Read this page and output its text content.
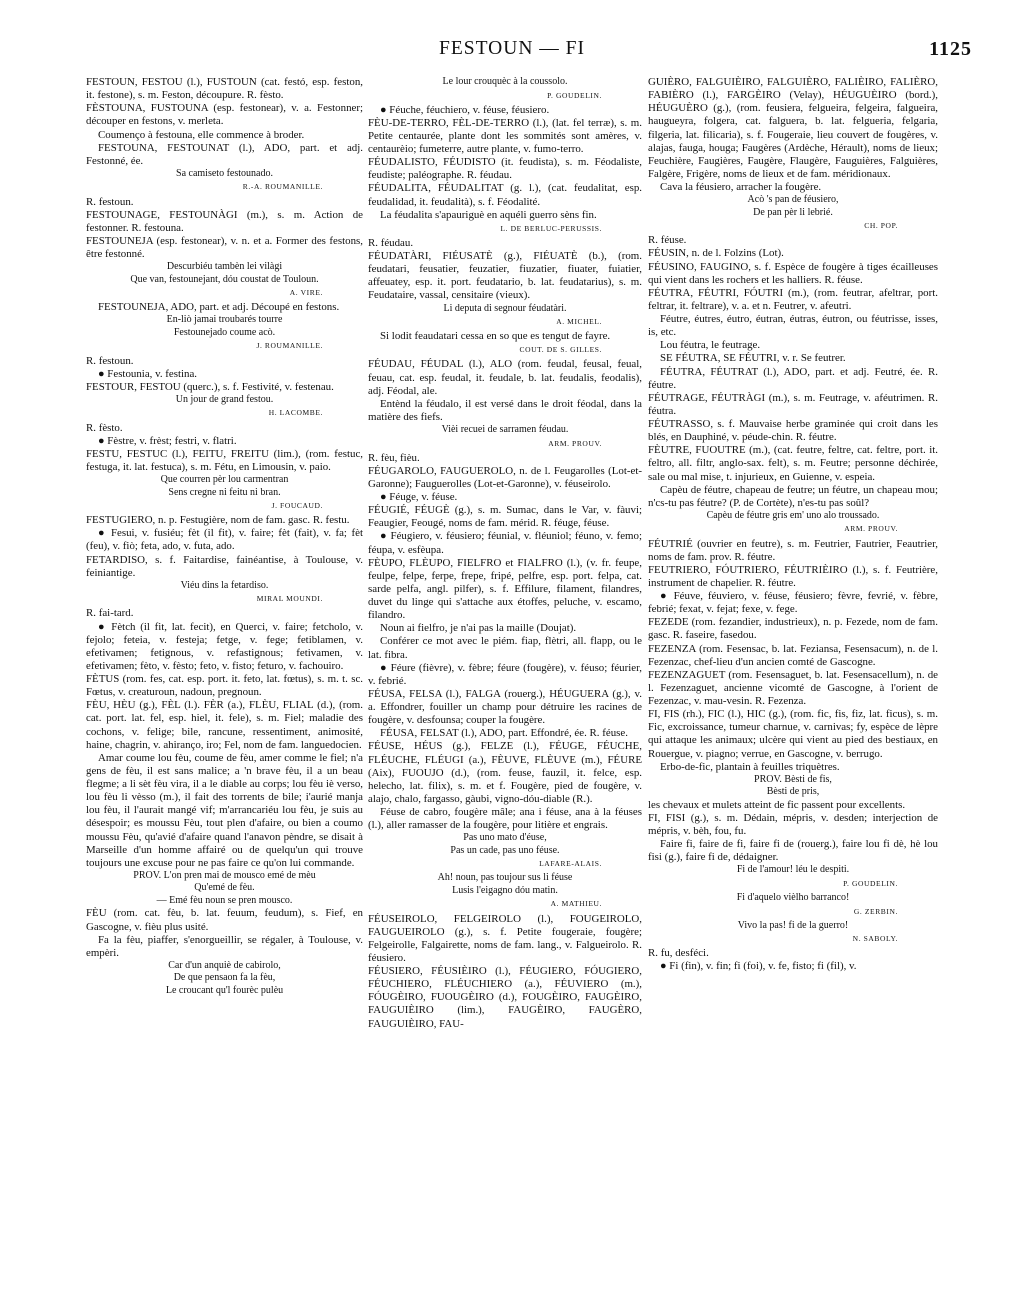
FESTOUN — FI	1125
FESTOUN, FESTOU (l.), FUSTOUN (cat. festó, esp. feston, it. festone), s. m. Feston, découpure. R. fèsto.
FÈSTOUNA, FUSTOUNA (esp. festonear), v. a. Festonner; découper en festons, v. merleta.
Coumenço à festouna, elle commence à broder.
FESTOUNA, FESTOUNAT (l.), ADO, part. et adj. Festonné, ée.
Sa camiseto festounado.
R.-A. ROUMANILLE.
R. festoun.
FESTOUNAGE, FESTOUNÀGI (m.), s. m. Action de festonner. R. festouna.
FESTOUNEJA (esp. festonear), v. n. et a. Former des festons, être festonné.
Descurbiéu tambèn lei vilàgi
Que van, festounejant, dóu coustat de Touloun.
A. VIRE.
FESTOUNEJA, ADO, part. et adj. Découpé en festons.
En-liò jamai troubarés tourre
Festounejado coume acò.
J. ROUMANILLE.
R. festoun.
● Festounia, v. festina.
FESTOUR, FESTOU (querc.), s. f. Festivité, v. festenau.
Un jour de grand festou.
H. LACOMBE.
R. fèsto.
● Fèstre, v. frèst; festri, v. flatri.
FESTU, FESTUC (l.), FEITU, FREITU (lim.), (rom. festuc, festuga, it. lat. festuca), s. m. Fétu, en Limousin, v. paio.
Que courren pèr lou carmentran
Sens cregne ni feitu ni bran.
J. FOUCAUD.
FESTUGIERO, n. p. Festugière, nom de fam. gasc. R. festu.
● Fesui, v. fusiéu; fèt (il fit), v. faire; fèt (fait), v. fa; fèt (feu), v. fiò; feta, ado, v. futa, ado.
FETARDISO, s. f. Faitardise, fainéantise, à Toulouse, v. feiniantige.
Viéu dins la fetardiso.
MIRAL MOUNDI.
R. fai-tard.
● Fètch (il fit, lat. fecit), en Querci, v. faire; fetcholo, v. fejolo; feteia, v. festeja; fetge, v. fege; fetiblamen, v. efetivamen; fetignous, v. refastignous; fetivamen, v. efetivamen; fèto, v. fèsto; feto, v. fisto; feturo, v. fachouiro.
FÈTUS (rom. fes, cat. esp. port. it. feto, lat. fœtus), s. m. t. sc. Fœtus, v. creaturoun, nadoun, pregnoun.
FÈU, HÈU (g.), FÈL (l.). FÈR (a.), FLÈU, FLIAL (d.), (rom. cat. port. lat. fel, esp. hiel, it. fele), s. m. Fiel; maladie des cochons, v. felige; bile, rancune, ressentiment, animosité, haine, chagrin, v. ahiranço, iro; Fel, nom de fam. languedocien.
Amar coume lou fèu, coume de fèu, amer comme le fiel; n'a gens de fèu, il est sans malice; a 'n brave fèu, il a un beau flegme; a li sèt fèu vira, il a le diable au corps; lou fèu iè verso, lou fèu li vèsso (m.), il fait des torrents de bile; i'aurié manja lou fèu, il l'aurait mangé vif; m'arrancariéu lou fèu, je suis au désespoir; es moussu Fèu, tout plen d'afaire, ou bien a coumo moussu Fèu, qu'avié d'afaire quand l'anavon pèndre, se disait à Marseille d'un homme affairé ou de quelqu'un qui trouve toujours une excuse pour ne pas faire ce qu'on lui commande.
PROV. L'on pren mai de mousco emé de mèu
Qu'emé de fèu.
— Emé fèu noun se pren mousco.
FÈU (rom. cat. fèu, b. lat. feuum, feudum), s. Fief, en Gascogne, v. fièu plus usité.
Fa la fèu, piaffer, s'enorgueillir, se régaler, à Toulouse, v. empèri.
Car d'un anquiè de cabirolo,
De que pensaon fa la fèu,
Le croucant qu'l fourèc pulèu
Le lour crouquèc à la coussolo.
P. GOUDELIN.
● Féuche, féuchiero, v. féuse, féusiero.
FÈU-DE-TERRO, FÈL-DE-TERRO (l.), (lat. fel terræ), s. m. Petite centaurée, plante dont les sommités sont amères, v. centaurèio; fumeterre, autre plante, v. fumo-terro.
FÉUDALISTO, FÉUDISTO (it. feudista), s. m. Féodaliste, feudiste; paléographe. R. féudau.
FÉUDALITA, FÉUDALITAT (g. l.), (cat. feudalitat, esp. feudalidad, it. feudalità), s. f. Féodalité.
La féudalita s'apauriguè en aquéli guerro sèns fin.
L. DE BERLUC-PERUSSIS.
R. féudau.
FÉUDATÀRI, FIÉUSATÈ (g.), FIÉUATÈ (b.), (rom. feudatari, feusatier, feuzatier, fiuzatier, fiuater, fuiatier, affeuatey, esp. it. port. feudatario, b. lat. feudatarius), s. m. Feudataire, vassal, censitaire (vieux).
Li deputa di segnour féudatàri.
A. MICHEL.
Si lodit feaudatari cessa en so que es tengut de fayre.
COUT. DE S. GILLES.
FÉUDAU, FÉUDAL (l.), ALO (rom. feudal, feusal, feual, feuau, cat. esp. feudal, it. feudale, b. lat. feudalis, feodalis), adj. Féodal, ale.
Entènd la féudalo, il est versé dans le droit féodal, dans la matière des fiefs.
Vièi recuei de sarramen féudau.
ARM. PROUV.
R. fèu, fièu.
FÉUGAROLO, FAUGUEROLO, n. de l. Feugarolles (Lot-et-Garonne); Fauguerolles (Lot-et-Garonne), v. féuseirolo.
● Féuge, v. féuse.
FÉUGIÉ, FÉUGÈ (g.), s. m. Sumac, dans le Var, v. fàuvi; Feaugier, Feougé, noms de fam. mérid. R. féuge, féuse.
● Féugiero, v. féusiero; féunial, v. fléuniol; féuno, v. femo; féupa, v. esfèupa.
FÈUPO, FLÈUPO, FIELFRO et FIALFRO (l.), (v. fr. feupe, feulpe, felpe, ferpe, frepe, fripé, pelfre, esp. port. felpa, cat. sarde pelfa, angl. pilfer), s. f. Effilure, filament, filandres, duvet du linge qui s'attache aux étoffes, peluche, v. escamo, filandro.
Noun ai fielfro, je n'ai pas la maille (Doujat).
Conférer ce mot avec le piém. fiap, flètri, all. flapp, ou le lat. fibra.
● Féure (fièvre), v. fèbre; féure (fougère), v. féuso; féurier, v. febrié.
FÉUSA, FELSA (l.), FALGA (rouerg.), HÉUGUERA (g.), v. a. Effondrer, fouiller un champ pour détruire les racines de fougère, v. desfounsa; couper la fougère.
FÉUSA, FELSAT (l.), ADO, part. Effondré, ée. R. féuse.
FÉUSE, HÉUS (g.), FELZE (l.), FÉUGE, FÉUCHE, FLÉUCHE, FLÉUGI (a.), FÈUVE, FLÈUVE (m.), FÉURE (Aix), FUOUJO (d.), (rom. feuse, fauzil, it. felce, esp. helecho, lat. filix), s. m. et f. Fougère, pied de fougère, v. alajo, chalo, fargasso, gàubi, vigno-dóu-diable (R.).
Féuse de cabro, fougère mâle; ana i féuse, ana à la féuses (l.), aller ramasser de la fougère, pour litière et engrais.
Pas uno mato d'éuse,
Pas un cade, pas uno féuse.
LAFARE-ALAIS.
Ah! noun, pas toujour sus li féuse
Lusis l'eigagno dóu matin.
A. MATHIEU.
FÉUSEIROLO, FELGEIROLO (l.), FOUGEIROLO, FAUGUEIROLO (g.), s. f. Petite fougeraie, fougère; Felgeirolle, Falgairette, noms de fam. lang., v. Falgueirolo. R. féusiero.
FÉUSIERO, FÉUSIÈIRO (l.), FÉUGIERO, FÓUGIERO, FÉUCHIERO, FLÉUCHIERO (a.), FÉUVIERO (m.), FÓUGÈIRO, FUOUGÈIRO (d.), FOUGÈIRO, FAUGÈIRO, FAUGUIÈIRO (lim.), FAUGÈIRO, FAUGÈRO, FAUGUIÈIRO, FAU-
GUIÈRO, FALGUIÈIRO, FALGUIÈRO, FALIÈIRO, FALIÈRO, FABIÈRO (l.), FARGÈIRO (Velay), HÉUGUÈIRO (bord.), HÉUGUÈRO (g.), (rom. feusiera, felgueira, felgeira, falgueira, haugueyra, folgera, cat. falguera, b. lat. felgueria, felgaria, filgeria, lat. filicaria), s. f. Fougeraie, lieu couvert de fougères, v. alajas, fauga, houga; Faugères (Ardèche, Hérault), noms de lieux; Feuchière, Faugières, Faugère, Flaugère, Fauguières, Falguières, Falgère, Frigère, noms de lieux et de fam. méridionaux.
Cava la féusiero, arracher la fougère.
Acò 's pan de féusiero,
De pan pèr li lebrié.
CH. POP.
R. féuse.
FÉUSIN, n. de l. Folzins (Lot).
FÉUSINO, FAUGINO, s. f. Espèce de fougère à tiges écailleuses qui vient dans les rochers et les halliers. R. féuse.
FÉUTRA, FÉUTRI, FÓUTRI (m.), (rom. feutrar, afeltrar, port. feltrar, it. feltrare), v. a. et n. Feutrer, v. afeutri.
Féutre, éutres, éutro, éutran, éutras, éutron, ou féutrisse, isses, is, etc.
Lou féutra, le feutrage.
SE FÉUTRA, SE FÉUTRI, v. r. Se feutrer.
FÉUTRA, FÉUTRAT (l.), ADO, part. et adj. Feutré, ée. R. féutre.
FÉUTRAGE, FÉUTRÀGI (m.), s. m. Feutrage, v. aféutrimen. R. féutra.
FÉUTRASSO, s. f. Mauvaise herbe graminée qui croit dans les blés, en Dauphiné, v. péude-chin. R. féutre.
FÈUTRE, FUOUTRE (m.), (cat. feutre, feltre, cat. feltre, port. it. feltro, all. filtr, anglo-sax. felt), s. m. Feutre; personne déchirée, sale ou mal mise, t. injurieux, en Guienne, v. espeia.
Capèu de féutre, chapeau de feutre; un féutre, un chapeau mou; n'cs-tu pas féutre? (P. de Cortète), n'es-tu pas soûl?
Capèu de féutre gris em' uno alo troussado.
ARM. PROUV.
FÉUTRIÉ (ouvrier en feutre), s. m. Feutrier, Fautrier, Feautrier, noms de fam. prov. R. féutre.
FEUTRIERO, FÓUTRIERO, FÉUTRIÈIRO (l.), s. f. Feutrière, instrument de chapelier. R. féutre.
● Féuve, féuviero, v. féuse, féusiero; fèvre, fevrié, v. fèbre, febrié; fexat, v. fejat; fexe, v. fege.
FEZEDE (rom. fezandier, industrieux), n. p. Fezede, nom de fam. gasc. R. faseire, fasedou.
FEZENZA (rom. Fesensac, b. lat. Feziansa, Fesensacum), n. de l. Fezenzac, chef-lieu d'un ancien comté de Gascogne.
FEZENZAGUET (rom. Fesensaguet, b. lat. Fesensacellum), n. de l. Fezenzaguet, ancienne vicomté de Gascogne, à l'orient de Fezenzac, v. mau-vesin. R. Fezenza.
FI, FIS (rh.), FIC (l.), HIC (g.), (rom. fic, fis, fiz, lat. ficus), s. m. Fic, excroissance, tumeur charnue, v. carnivas; fy, espèce de lèpre qui attaque les animaux; ulcère qui vient au pied des bestiaux, en Rouergue, v. piagno; verrue, en Gascogne, v. berrugo.
Erbo-de-fic, plantain à feuilles triquètres.
PROV. Bèsti de fis,
Bèsti de pris,
les chevaux et mulets atteint de fic passent pour excellents.
FI, FISI (g.), s. m. Dédain, mépris, v. desden; interjection de mépris, v. bèh, fou, fu.
Faire fi, faire de fi, faire fi de (rouerg.), faire lou fi dè, hè lou fisi (g.), faire fi de, dédaigner.
Fi de l'amour! léu le despiti.
P. GOUDELIN.
Fi d'aquelo vièlho barranco!
G. ZERBIN.
Vivo la pas! fi de la guerro!
N. SABOLY.
R. fu, desféci.
● Fi (fin), v. fin; fi (foi), v. fe, fisto; fi (fil), v.
